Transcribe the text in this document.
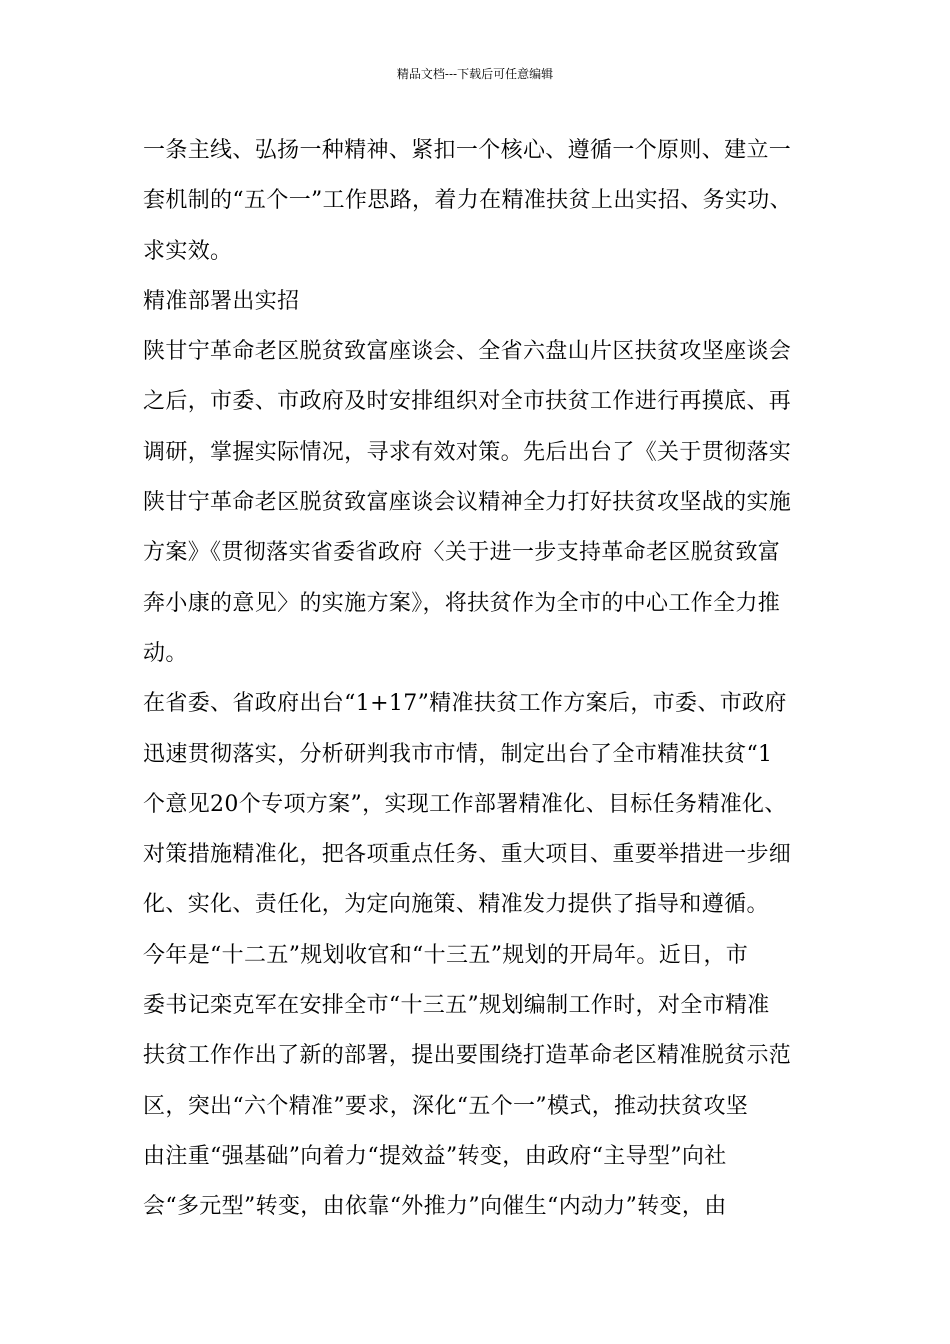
精品文档---下载后可任意编辑
一条主线、弘扬一种精神、紧扣一个核心、遵循一个原则、建立一
套机制的“五个一”工作思路，着力在精准扶贫上出实招、务实功、
求实效。
精准部署出实招
陕甘宁革命老区脱贫致富座谈会、全省六盘山片区扶贫攻坚座谈会
之后，市委、市政府及时安排组织对全市扶贫工作进行再摸底、再
调研，掌握实际情况，寻求有效对策。先后出台了《关于贯彻落实
陕甘宁革命老区脱贫致富座谈会议精神全力打好扶贫攻坚战的实施
方案》《贯彻落实省委省政府〈关于进一步支持革命老区脱贫致富
奔小康的意见〉的实施方案》，将扶贫作为全市的中心工作全力推
动。
在省委、省政府出台“1+17”精准扶贫工作方案后，市委、市政府
迅速贯彻落实，分析研判我市市情，制定出台了全市精准扶贫“1
个意见20个专项方案”，实现工作部署精准化、目标任务精准化、
对策措施精准化，把各项重点任务、重大项目、重要举措进一步细
化、实化、责任化，为定向施策、精准发力提供了指导和遵循。
今年是“十二五”规划收官和“十三五”规划的开局年。近日，市
委书记栾克军在安排全市“十三五”规划编制工作时，对全市精准
扶贫工作作出了新的部署，提出要围绕打造革命老区精准脱贫示范
区，突出“六个精准”要求，深化“五个一”模式，推动扶贫攻坚
由注重“强基础”向着力“提效益”转变，由政府“主导型”向社
会“多元型”转变，由依靠“外推力”向催生“内动力”转变，由
